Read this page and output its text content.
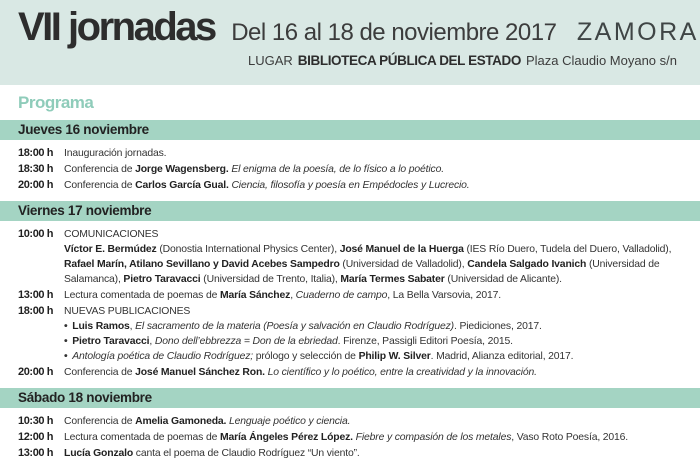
VII jornadas Del 16 al 18 de noviembre 2017 ZAMORA
LUGAR BIBLIOTECA PÚBLICA DEL ESTADO Plaza Claudio Moyano s/n
Programa
Jueves 16 noviembre
18:00 h	Inauguración jornadas.

18:30 h	Conferencia de Jorge Wagensberg. El enigma de la poesía, de lo físico a lo poético.

20:00 h	Conferencia de Carlos García Gual. Ciencia, filosofía y poesía en Empédocles y Lucrecio.

Viernes 17 noviembre
10:00 h	COMUNICACIONES

Víctor E. Bermúdez (Donostia International Physics Center), José Manuel de la Huerga (IES Río Duero, Tudela del Duero, Valladolid), Rafael Marín, Atilano Sevillano y David Acebes Sampedro (Universidad de Valladolid), Candela Salgado Ivanich (Universidad de Salamanca), Pietro Taravacci (Universidad de Trento, Italia), María Termes Sabater (Universidad de Alicante).

13:00 h	Lectura comentada de poemas de María Sánchez, Cuaderno de campo, La Bella Varsovia, 2017.

18:00 h	NUEVAS PUBLICACIONES

• Luis Ramos, El sacramento de la materia (Poesía y salvación en Claudio Rodríguez). Piediciones, 2017.

• Pietro Taravacci, Dono dell’ebbrezza = Don de la ebriedad. Firenze, Passigli Editori Poesía, 2015.

• Antología poética de Claudio Rodríguez; prólogo y selección de Philip W. Silver. Madrid, Alianza editorial, 2017.

20:00 h	Conferencia de José Manuel Sánchez Ron. Lo científico y lo poético, entre la creatividad y la innovación.

Sábado 18 noviembre
10:30 h	Conferencia de Amelia Gamoneda. Lenguaje poético y ciencia.

12:00 h	Lectura comentada de poemas de María Ángeles Pérez López. Fiebre y compasión de los metales, Vaso Roto Poesía, 2016.

13:00 h	Lucía Gonzalo canta el poema de Claudio Rodríguez “Un viento”.
